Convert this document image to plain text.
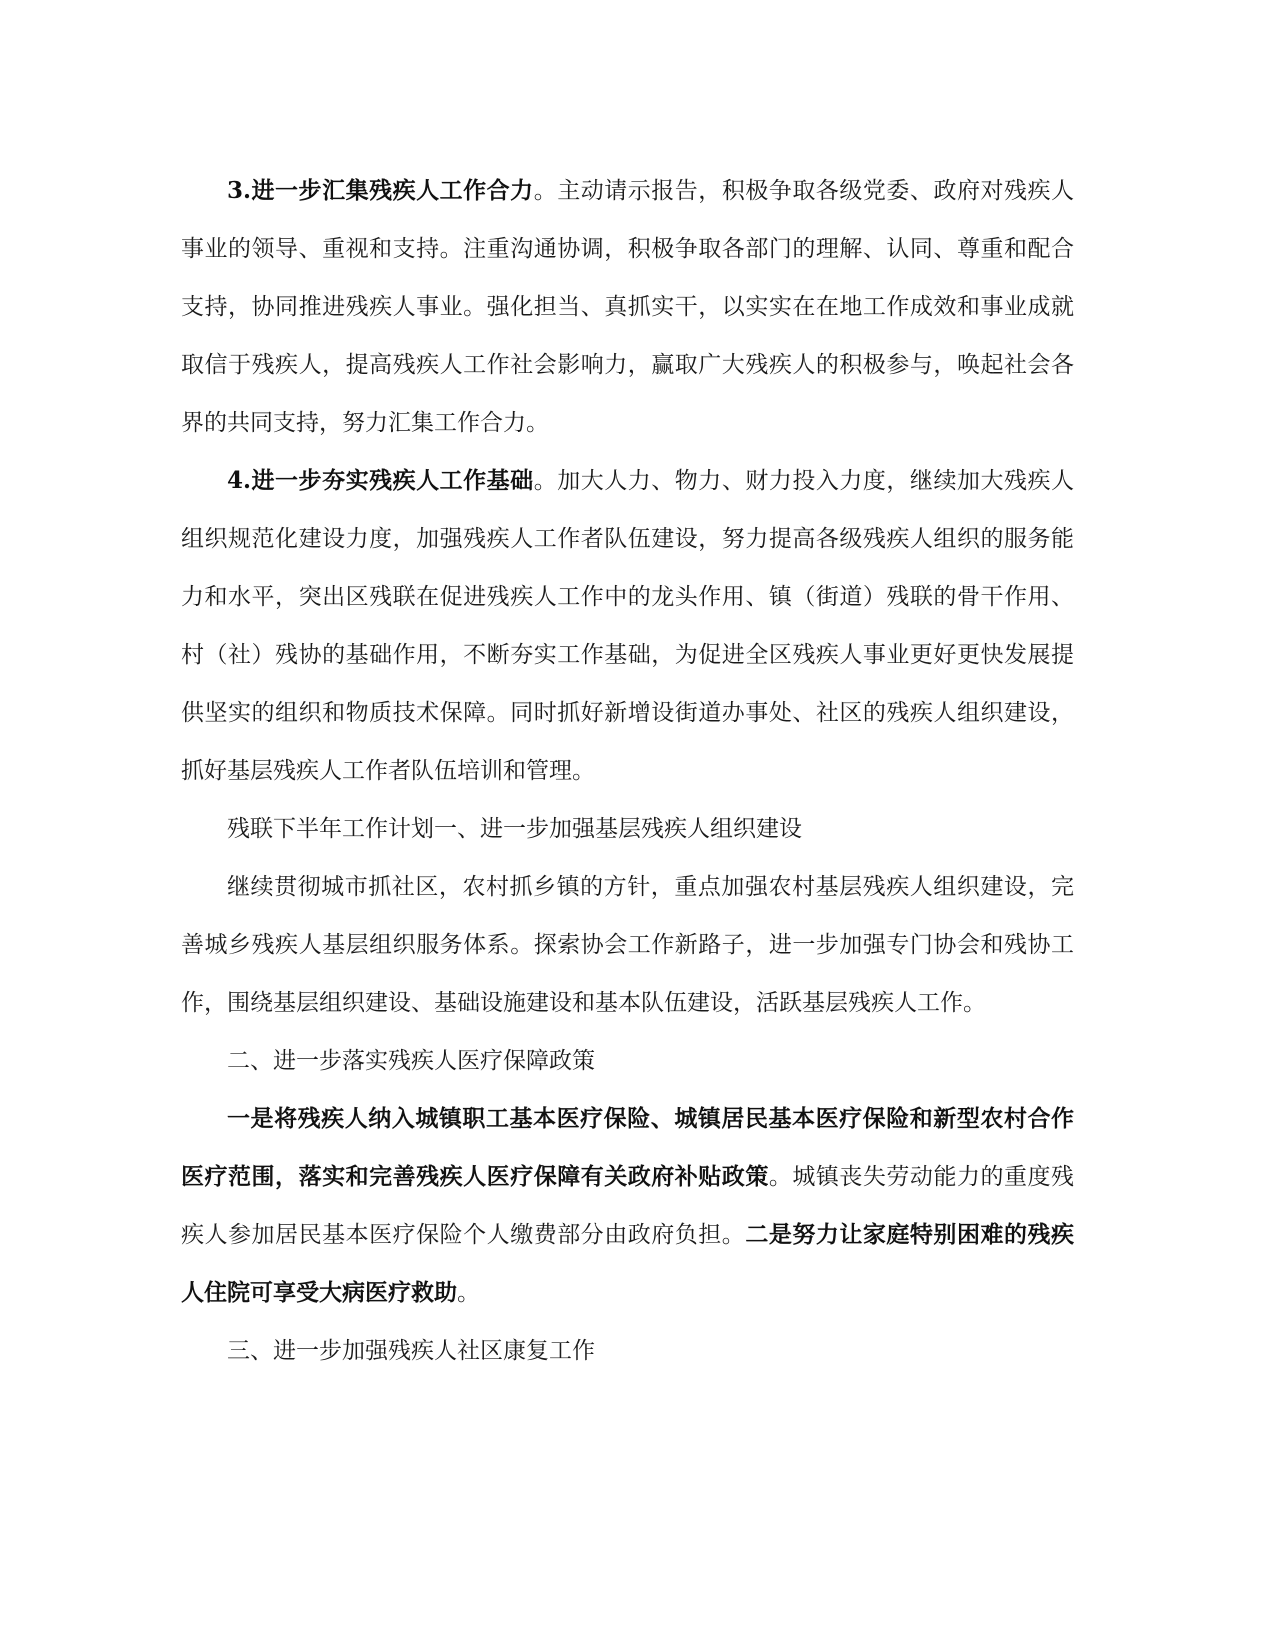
3.进一步汇集残疾人工作合力。主动请示报告，积极争取各级党委、政府对残疾人事业的领导、重视和支持。注重沟通协调，积极争取各部门的理解、认同、尊重和配合支持，协同推进残疾人事业。强化担当、真抓实干，以实实在在地工作成效和事业成就取信于残疾人，提高残疾人工作社会影响力，赢取广大残疾人的积极参与，唤起社会各界的共同支持，努力汇集工作合力。

4.进一步夯实残疾人工作基础。加大人力、物力、财力投入力度，继续加大残疾人组织规范化建设力度，加强残疾人工作者队伍建设，努力提高各级残疾人组织的服务能力和水平，突出区残联在促进残疾人工作中的龙头作用、镇（街道）残联的骨干作用、村（社）残协的基础作用，不断夯实工作基础，为促进全区残疾人事业更好更快发展提供坚实的组织和物质技术保障。同时抓好新增设街道办事处、社区的残疾人组织建设，抓好基层残疾人工作者队伍培训和管理。

残联下半年工作计划一、进一步加强基层残疾人组织建设

继续贯彻城市抓社区，农村抓乡镇的方针，重点加强农村基层残疾人组织建设，完善城乡残疾人基层组织服务体系。探索协会工作新路子，进一步加强专门协会和残协工作，围绕基层组织建设、基础设施建设和基本队伍建设，活跃基层残疾人工作。

二、进一步落实残疾人医疗保障政策

一是将残疾人纳入城镇职工基本医疗保险、城镇居民基本医疗保险和新型农村合作医疗范围，落实和完善残疾人医疗保障有关政府补贴政策。城镇丧失劳动能力的重度残疾人参加居民基本医疗保险个人缴费部分由政府负担。二是努力让家庭特别困难的残疾人住院可享受大病医疗救助。

三、进一步加强残疾人社区康复工作
